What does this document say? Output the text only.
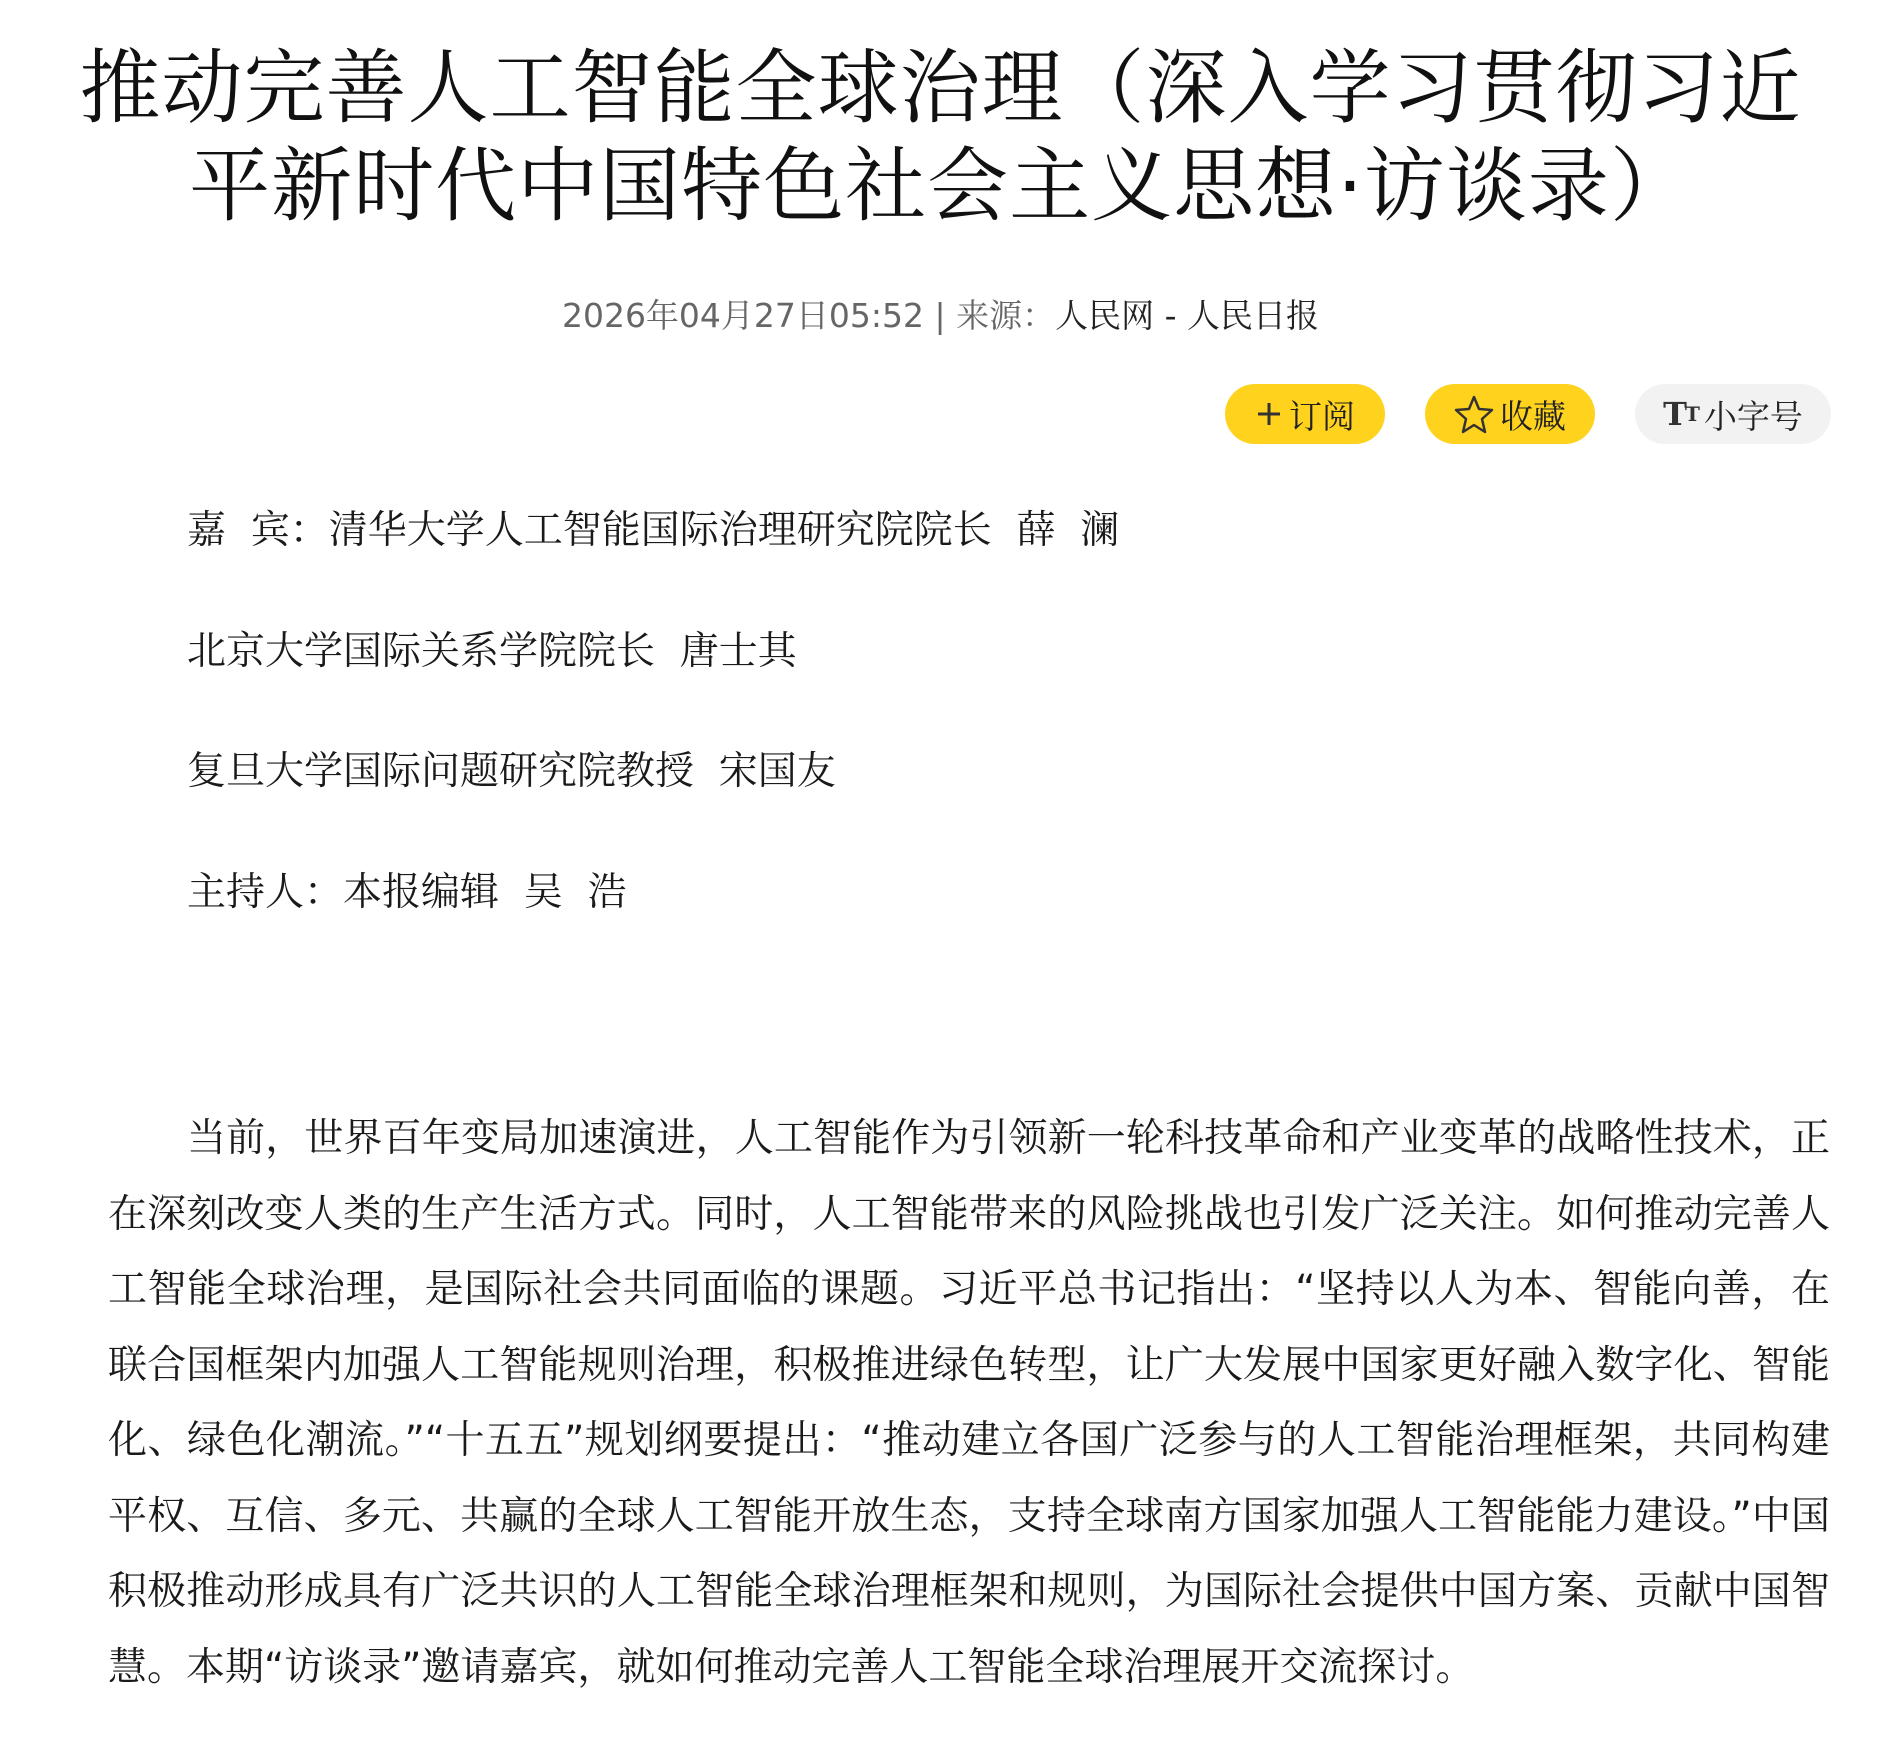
推动完善人工智能全球治理（深入学习贯彻习近平新时代中国特色社会主义思想·访谈录）
2026年04月27日05:52 | 来源：人民网 - 人民日报
订阅	收藏	T T 小字号

嘉  宾：清华大学人工智能国际治理研究院院长  薛  澜

北京大学国际关系学院院长  唐士其

复旦大学国际问题研究院教授  宋国友

主持人：本报编辑  吴  浩

当前，世界百年变局加速演进，人工智能作为引领新一轮科技革命和产业变革的战略性技术，正在深刻改变人类的生产生活方式。同时，人工智能带来的风险挑战也引发广泛关注。如何推动完善人工智能全球治理，是国际社会共同面临的课题。习近平总书记指出：“坚持以人为本、智能向善，在联合国框架内加强人工智能规则治理，积极推进绿色转型，让广大发展中国家更好融入数字化、智能化、绿色化潮流。”“十五五”规划纲要提出：“推动建立各国广泛参与的人工智能治理框架，共同构建平权、互信、多元、共赢的全球人工智能开放生态，支持全球南方国家加强人工智能能力建设。”中国积极推动形成具有广泛共识的人工智能全球治理框架和规则，为国际社会提供中国方案、贡献中国智慧。本期“访谈录”邀请嘉宾，就如何推动完善人工智能全球治理展开交流探讨。
